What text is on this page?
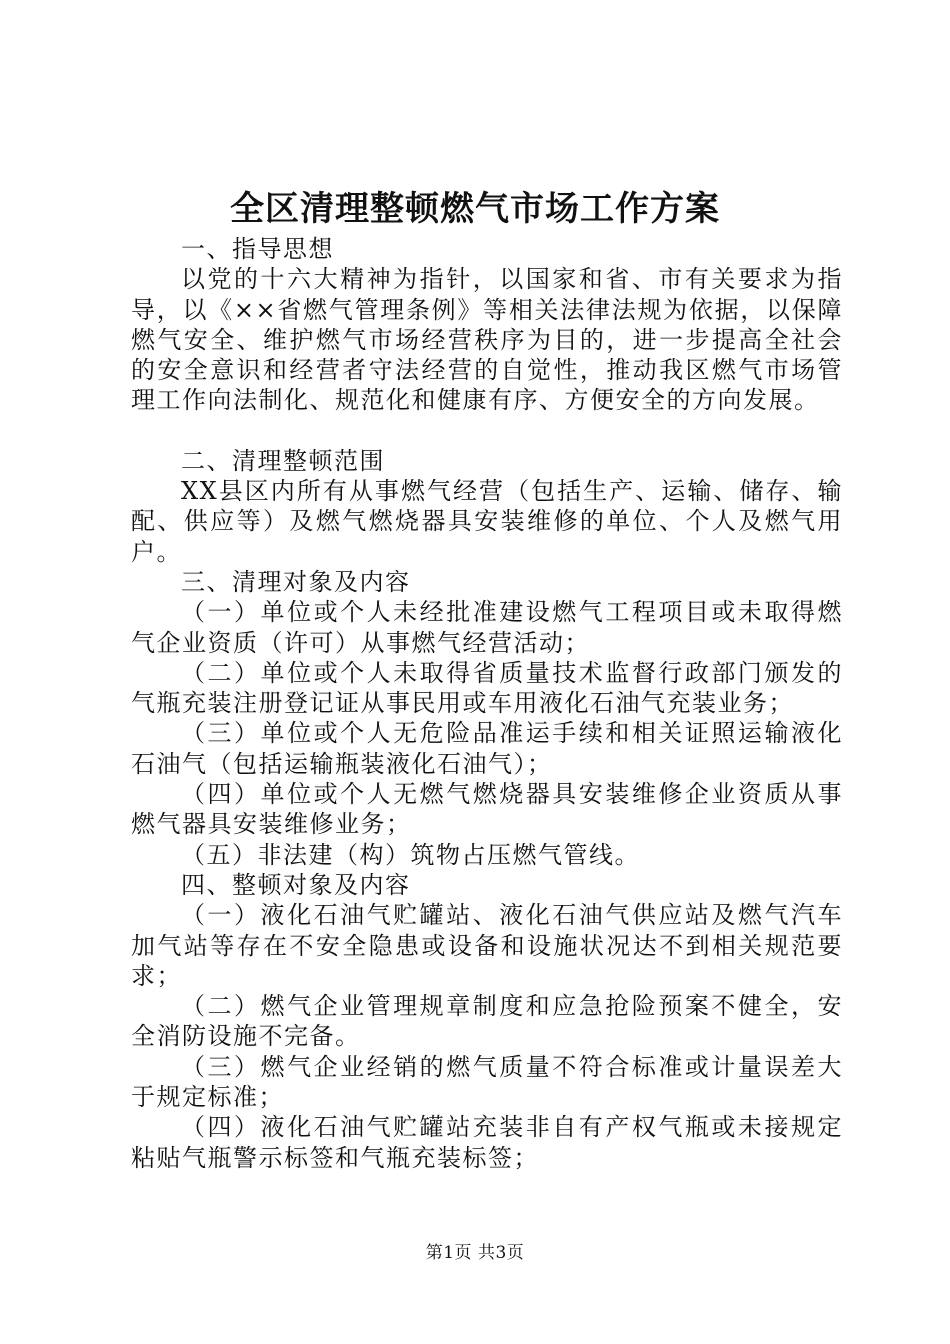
全区清理整顿燃气市场工作方案

一、指导思想

以党的十六大精神为指针，以国家和省、市有关要求为指导，以《××省燃气管理条例》等相关法律法规为依据，以保障燃气安全、维护燃气市场经营秩序为目的，进一步提高全社会的安全意识和经营者守法经营的自觉性，推动我区燃气市场管理工作向法制化、规范化和健康有序、方便安全的方向发展。

二、清理整顿范围

XX县区内所有从事燃气经营（包括生产、运输、储存、输配、供应等）及燃气燃烧器具安装维修的单位、个人及燃气用户。

三、清理对象及内容

（一）单位或个人未经批准建设燃气工程项目或未取得燃气企业资质（许可）从事燃气经营活动；

（二）单位或个人未取得省质量技术监督行政部门颁发的气瓶充装注册登记证从事民用或车用液化石油气充装业务；

（三）单位或个人无危险品准运手续和相关证照运输液化石油气（包括运输瓶装液化石油气）；

（四）单位或个人无燃气燃烧器具安装维修企业资质从事燃气器具安装维修业务；

（五）非法建（构）筑物占压燃气管线。

四、整顿对象及内容

（一）液化石油气贮罐站、液化石油气供应站及燃气汽车加气站等存在不安全隐患或设备和设施状况达不到相关规范要求；

（二）燃气企业管理规章制度和应急抢险预案不健全，安全消防设施不完备。

（三）燃气企业经销的燃气质量不符合标准或计量误差大于规定标准；

（四）液化石油气贮罐站充装非自有产权气瓶或未接规定粘贴气瓶警示标签和气瓶充装标签；

第1页 共3页
